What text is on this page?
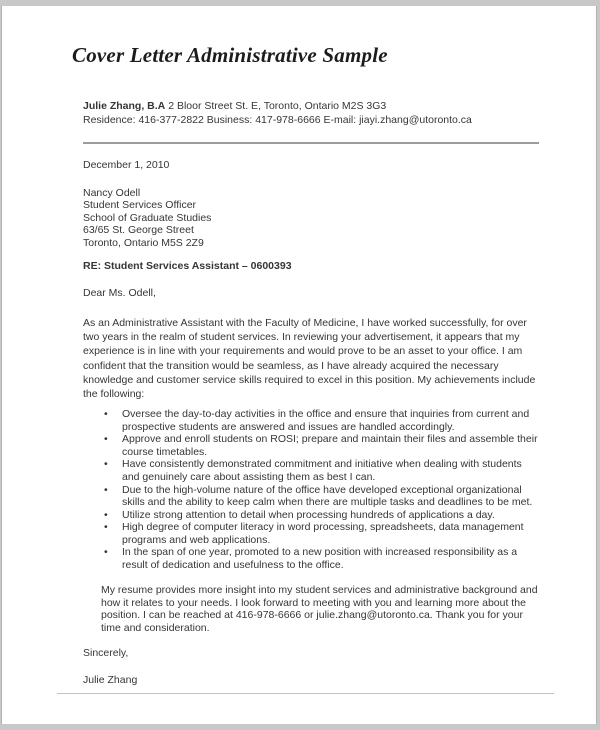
Cover Letter Administrative Sample
Julie Zhang, B.A 2 Bloor Street St. E, Toronto, Ontario M2S 3G3
Residence: 416-377-2822 Business: 417-978-6666 E-mail: jiayi.zhang@utoronto.ca
December 1, 2010
Nancy Odell
Student Services Officer
School of Graduate Studies
63/65 St. George Street
Toronto, Ontario M5S 2Z9
RE: Student Services Assistant – 0600393
Dear Ms. Odell,

As an Administrative Assistant with the Faculty of Medicine, I have worked successfully, for over two years in the realm of student services. In reviewing your advertisement, it appears that my experience is in line with your requirements and would prove to be an asset to your office. I am confident that the transition would be seamless, as I have already acquired the necessary knowledge and customer service skills required to excel in this position. My achievements include the following:

• Oversee the day-to-day activities in the office and ensure that inquiries from current and prospective students are answered and issues are handled accordingly.
• Approve and enroll students on ROSI; prepare and maintain their files and assemble their course timetables.
• Have consistently demonstrated commitment and initiative when dealing with students and genuinely care about assisting them as best I can.
• Due to the high-volume nature of the office have developed exceptional organizational skills and the ability to keep calm when there are multiple tasks and deadlines to be met.
• Utilize strong attention to detail when processing hundreds of applications a day.
• High degree of computer literacy in word processing, spreadsheets, data management programs and web applications.
• In the span of one year, promoted to a new position with increased responsibility as a result of dedication and usefulness to the office.

My resume provides more insight into my student services and administrative background and how it relates to your needs. I look forward to meeting with you and learning more about the position. I can be reached at 416-978-6666 or julie.zhang@utoronto.ca. Thank you for your time and consideration.

Sincerely,
Julie Zhang
